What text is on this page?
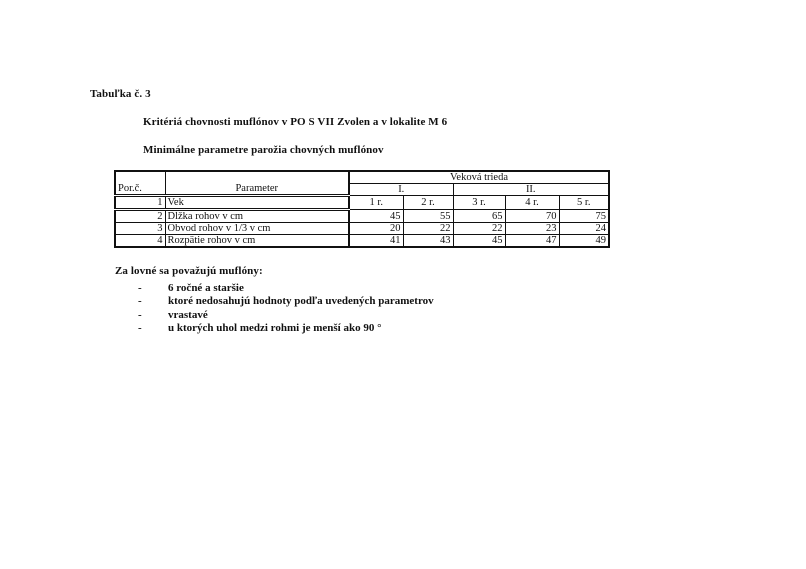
Tabuľka č. 3
Kritériá chovnosti muflónov v PO S VII Zvolen a v lokalite M 6
Minimálne parametre parožia chovných muflónov
Por.č.	Parameter	Veková trieda				
		I.		II.		
1	Vek	1 r.	2 r.	3 r.	4 r.	5 r.
2	Dĺžka rohov v cm	45	55	65	70	75
3	Obvod rohov v 1/3 v cm	20	22	22	23	24
4	Rozpätie rohov v cm	41	43	45	47	49
Za lovné sa považujú muflóny:
-	6 ročné a staršie
-	ktoré nedosahujú hodnoty podľa uvedených parametrov
-	vrastavé
-	u ktorých uhol medzi rohmi je menší ako 90 °
